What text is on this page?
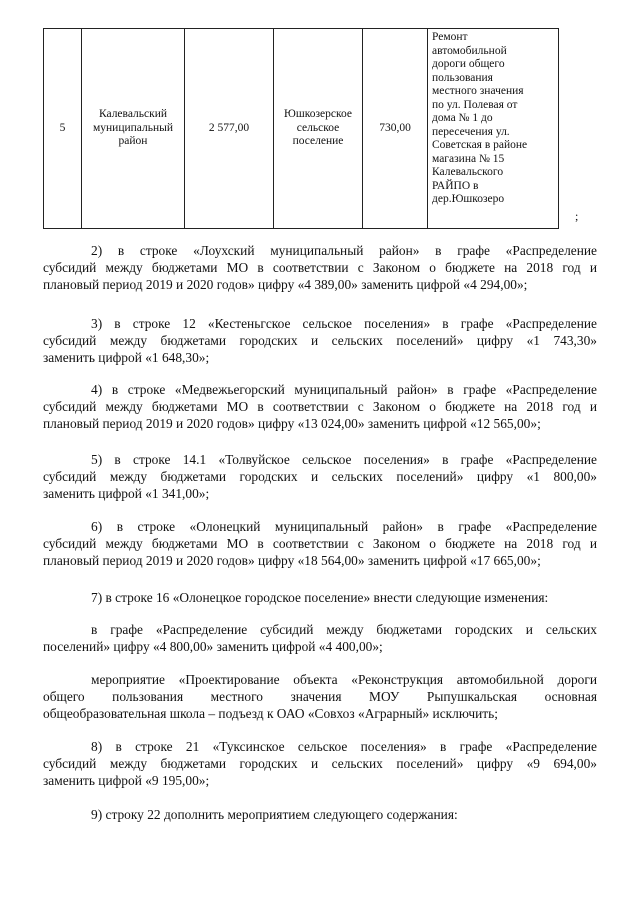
5	Калевальский
муниципальный
район	2 577,00	Юшкозерское
сельское
поселение	730,00	Ремонт
автомобильной
дороги общего
пользования
местного значения
по ул. Полевая от
дома № 1 до
пересечения ул.
Советская в районе
магазина № 15
Калевальского
РАЙПО в
дер.Юшкозеро
;
2) в строке «Лоухский муниципальный район» в графе «Распределение
субсидий между бюджетами МО в соответствии с Законом о бюджете на 2018 год и
плановый период 2019 и 2020 годов» цифру «4 389,00» заменить цифрой «4 294,00»;
3) в строке 12 «Кестеньгское сельское поселения» в графе «Распределение
субсидий между бюджетами городских и сельских поселений» цифру «1 743,30»
заменить цифрой «1 648,30»;
4) в строке «Медвежьегорский муниципальный район» в графе «Распределение
субсидий между бюджетами МО в соответствии с Законом о бюджете на 2018 год и
плановый период 2019 и 2020 годов» цифру «13 024,00» заменить цифрой «12 565,00»;
5) в строке 14.1 «Толвуйское сельское поселения» в графе «Распределение
субсидий между бюджетами городских и сельских поселений» цифру «1 800,00»
заменить цифрой «1 341,00»;
6) в строке «Олонецкий муниципальный район» в графе «Распределение
субсидий между бюджетами МО в соответствии с Законом о бюджете на 2018 год и
плановый период 2019 и 2020 годов» цифру «18 564,00» заменить цифрой «17 665,00»;
7) в строке 16 «Олонецкое городское поселение» внести следующие изменения:
в графе «Распределение субсидий между бюджетами городских и сельских
поселений» цифру «4 800,00» заменить цифрой «4 400,00»;
мероприятие «Проектирование объекта «Реконструкция автомобильной дороги
общего пользования местного значения МОУ Рыпушкальская основная
общеобразовательная школа – подъезд к ОАО «Совхоз «Аграрный» исключить;
8) в строке 21 «Туксинское сельское поселения» в графе «Распределение
субсидий между бюджетами городских и сельских поселений» цифру «9 694,00»
заменить цифрой «9 195,00»;
9) строку 22 дополнить мероприятием следующего содержания:
